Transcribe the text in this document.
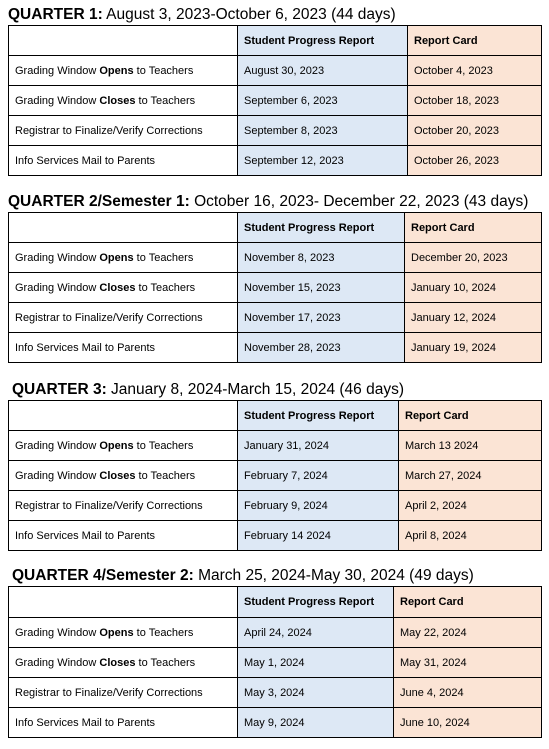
QUARTER 1: August 3, 2023-October 6, 2023 (44 days)
	Student Progress Report	Report Card
Grading Window Opens to Teachers	August 30, 2023	October 4, 2023
Grading Window Closes to Teachers	September 6, 2023	October 18, 2023
Registrar to Finalize/Verify Corrections	September 8, 2023	October 20, 2023
Info Services Mail to Parents	September 12, 2023	October 26, 2023
QUARTER 2/Semester 1: October 16, 2023- December 22, 2023 (43 days)
	Student Progress Report	Report Card
Grading Window Opens to Teachers	November 8, 2023	December 20, 2023
Grading Window Closes to Teachers	November 15, 2023	January 10, 2024
Registrar to Finalize/Verify Corrections	November 17, 2023	January 12, 2024
Info Services Mail to Parents	November 28, 2023	January 19, 2024
QUARTER 3: January 8, 2024-March 15, 2024 (46 days)
	Student Progress Report	Report Card
Grading Window Opens to Teachers	January 31, 2024	March 13 2024
Grading Window Closes to Teachers	February 7, 2024	March 27, 2024
Registrar to Finalize/Verify Corrections	February 9, 2024	April 2, 2024
Info Services Mail to Parents	February 14 2024	April 8, 2024
QUARTER 4/Semester 2: March 25, 2024-May 30, 2024 (49 days)
	Student Progress Report	Report Card
Grading Window Opens to Teachers	April 24, 2024	May 22, 2024
Grading Window Closes to Teachers	May 1, 2024	May 31, 2024
Registrar to Finalize/Verify Corrections	May 3, 2024	June 4, 2024
Info Services Mail to Parents	May 9, 2024	June 10, 2024
